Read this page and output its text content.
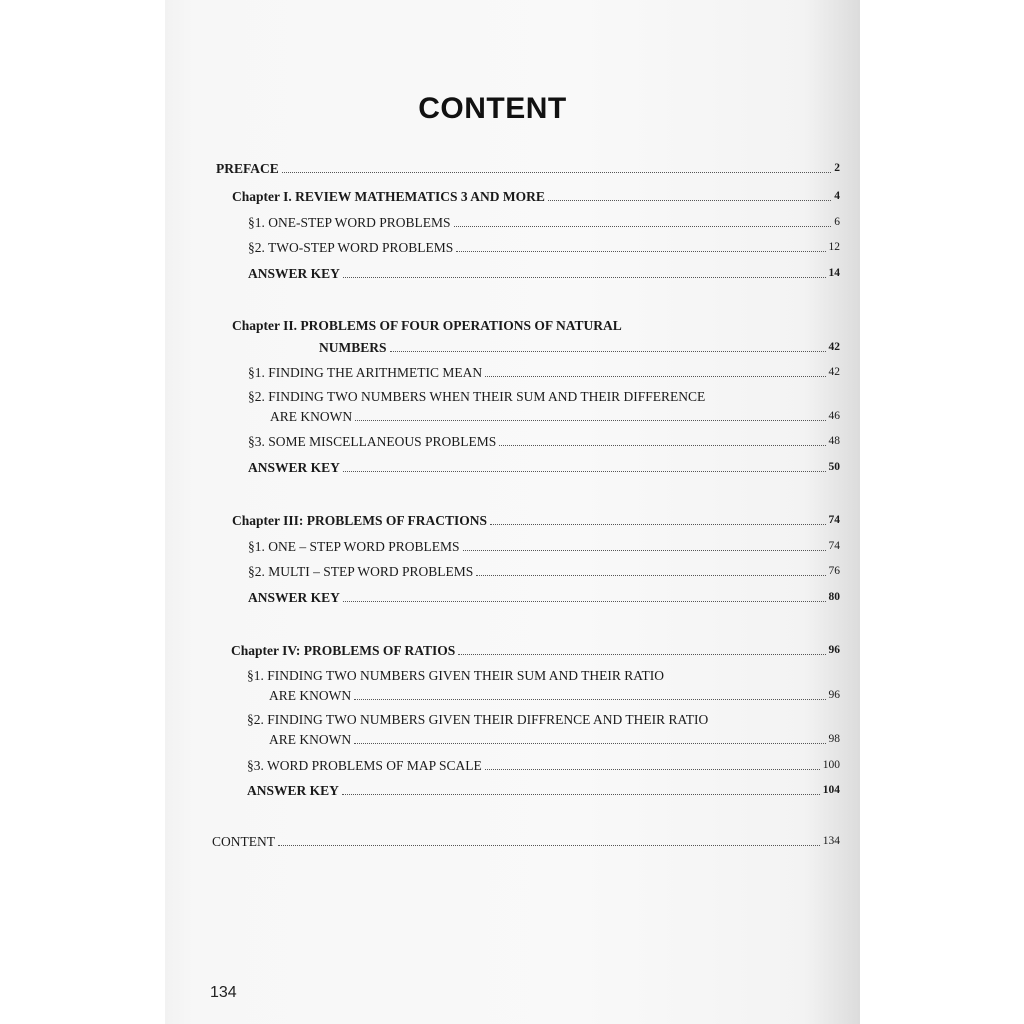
CONTENT
PREFACE	2
Chapter I. REVIEW MATHEMATICS 3 AND MORE	4
§1. ONE-STEP WORD PROBLEMS	6
§2. TWO-STEP WORD PROBLEMS	12
ANSWER KEY	14
Chapter II. PROBLEMS OF FOUR OPERATIONS OF NATURAL
NUMBERS	42
§1. FINDING THE ARITHMETIC MEAN	42
§2. FINDING TWO NUMBERS WHEN THEIR SUM AND THEIR DIFFERENCE
ARE KNOWN	46
§3. SOME MISCELLANEOUS PROBLEMS	48
ANSWER KEY	50
Chapter III: PROBLEMS OF FRACTIONS	74
§1. ONE – STEP WORD PROBLEMS	74
§2. MULTI – STEP WORD PROBLEMS	76
ANSWER KEY	80
Chapter IV: PROBLEMS OF RATIOS	96
§1. FINDING TWO NUMBERS GIVEN THEIR SUM AND THEIR RATIO
ARE KNOWN	96
§2. FINDING TWO NUMBERS GIVEN THEIR DIFFRENCE AND THEIR RATIO
ARE KNOWN	98
§3. WORD PROBLEMS OF MAP SCALE	100
ANSWER KEY	104
CONTENT	134
134
